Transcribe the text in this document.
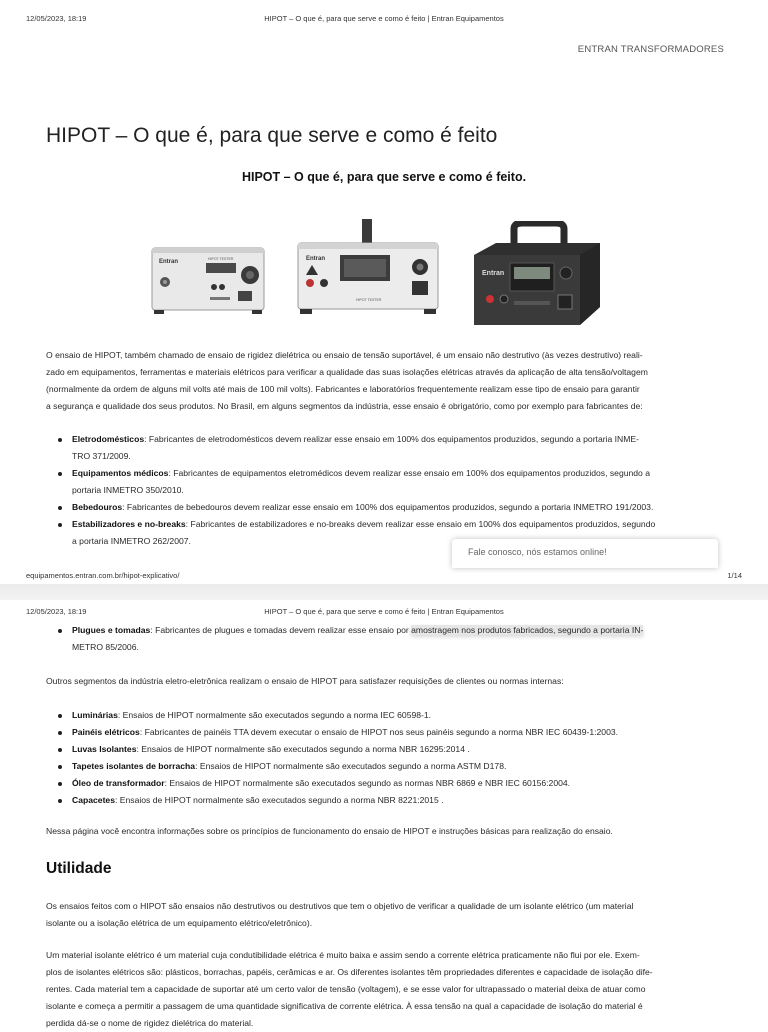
12/05/2023, 18:19	HIPOT – O que é, para que serve e como é feito | Entran Equipamentos
ENTRAN TRANSFORMADORES
HIPOT – O que é, para que serve e como é feito
HIPOT – O que é, para que serve e como é feito.
Entran	HIPOT TESTER	Entran
HIPOT TESTER
Entran
O ensaio de HIPOT, também chamado de ensaio de rigidez dielétrica ou ensaio de tensão suportável, é um ensaio não destrutivo (às vezes destrutivo) reali-
zado em equipamentos, ferramentas e materiais elétricos para verificar a qualidade das suas isolações elétricas através da aplicação de alta tensão/voltagem
(normalmente da ordem de alguns mil volts até mais de 100 mil volts). Fabricantes e laboratórios frequentemente realizam esse tipo de ensaio para garantir
a segurança e qualidade dos seus produtos. No Brasil, em alguns segmentos da indústria, esse ensaio é obrigatório, como por exemplo para fabricantes de:
Eletrodomésticos: Fabricantes de eletrodomésticos devem realizar esse ensaio em 100% dos equipamentos produzidos, segundo a portaria INME-
TRO 371/2009.
Equipamentos médicos: Fabricantes de equipamentos eletromédicos devem realizar esse ensaio em 100% dos equipamentos produzidos, segundo a
portaria INMETRO 350/2010.
Bebedouros: Fabricantes de bebedouros devem realizar esse ensaio em 100% dos equipamentos produzidos, segundo a portaria INMETRO 191/2003.
Estabilizadores e no-breaks: Fabricantes de estabilizadores e no-breaks devem realizar esse ensaio em 100% dos equipamentos produzidos, segundo
a portaria INMETRO 262/2007.
Fale conosco, nós estamos online!
equipamentos.entran.com.br/hipot-explicativo/	1/14
12/05/2023, 18:19	HIPOT – O que é, para que serve e como é feito | Entran Equipamentos
Plugues e tomadas: Fabricantes de plugues e tomadas devem realizar esse ensaio por amostragem nos produtos fabricados, segundo a portaria IN-
METRO 85/2006.
Outros segmentos da indústria eletro-eletrônica realizam o ensaio de HIPOT para satisfazer requisições de clientes ou normas internas:
Luminárias: Ensaios de HIPOT normalmente são executados segundo a norma IEC 60598-1.
Painéis elétricos: Fabricantes de painéis TTA devem executar o ensaio de HIPOT nos seus painéis segundo a norma NBR IEC 60439-1:2003.
Luvas Isolantes: Ensaios de HIPOT normalmente são executados segundo a norma NBR 16295:2014 .
Tapetes isolantes de borracha: Ensaios de HIPOT normalmente são executados segundo a norma ASTM D178.
Óleo de transformador: Ensaios de HIPOT normalmente são executados segundo as normas NBR 6869 e NBR IEC 60156:2004.
Capacetes: Ensaios de HIPOT normalmente são executados segundo a norma NBR 8221:2015 .
Nessa página você encontra informações sobre os princípios de funcionamento do ensaio de HIPOT e instruções básicas para realização do ensaio.
Utilidade
Os ensaios feitos com o HIPOT são ensaios não destrutivos ou destrutivos que tem o objetivo de verificar a qualidade de um isolante elétrico (um material
isolante ou a isolação elétrica de um equipamento elétrico/eletrônico).
Um material isolante elétrico é um material cuja condutibilidade elétrica é muito baixa e assim sendo a corrente elétrica praticamente não flui por ele. Exem-
plos de isolantes elétricos são: plásticos, borrachas, papéis, cerâmicas e ar. Os diferentes isolantes têm propriedades diferentes e capacidade de isolação dife-
rentes. Cada material tem a capacidade de suportar até um certo valor de tensão (voltagem), e se esse valor for ultrapassado o material deixa de atuar como
isolante e começa a permitir a passagem de uma quantidade significativa de corrente elétrica. À essa tensão na qual a capacidade de isolação do material é
perdida dá-se o nome de rigidez dielétrica do material.
